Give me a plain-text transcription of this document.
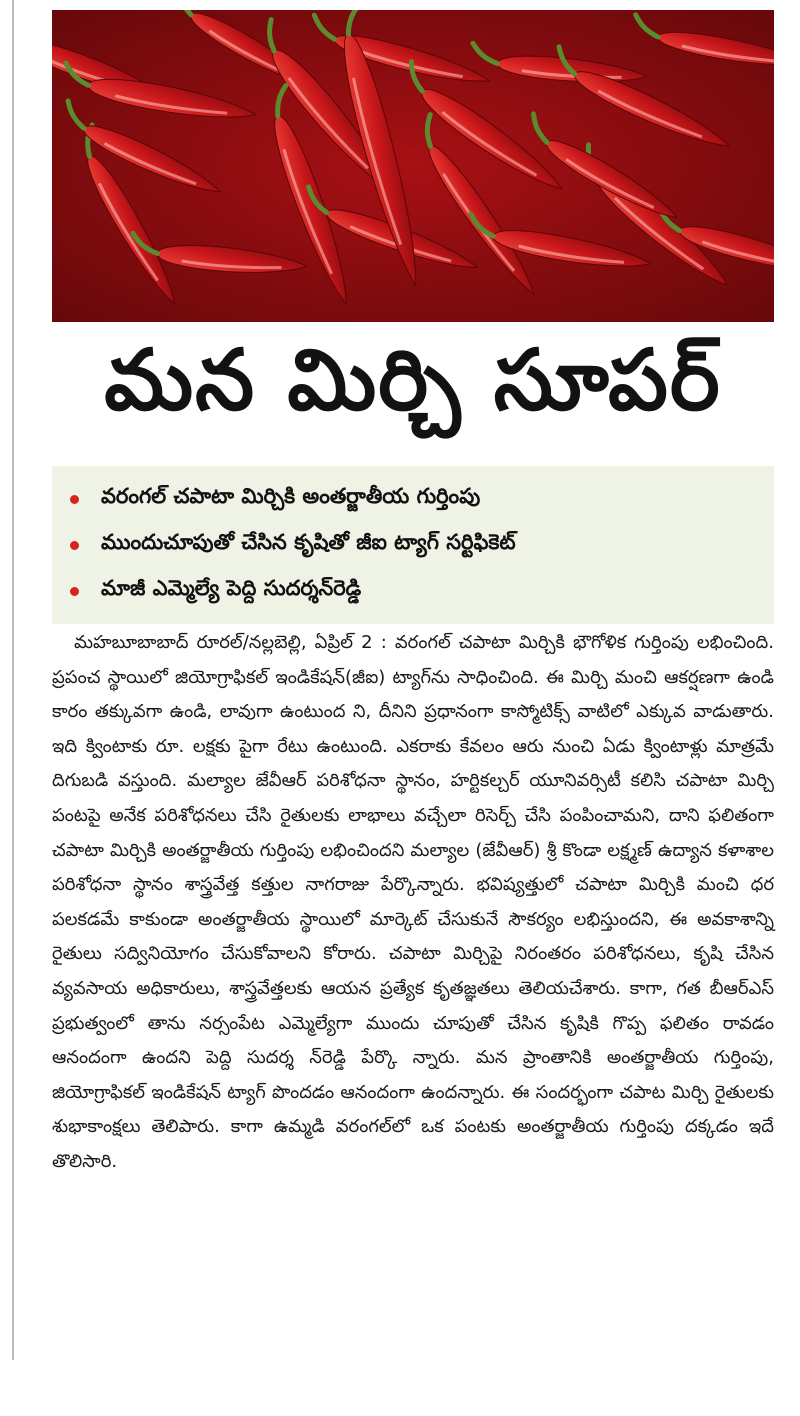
మన మిర్చి సూపర్
వరంగల్ చపాటా మిర్చికి అంతర్జాతీయ గుర్తింపు
ముందుచూపుతో చేసిన కృషితో జీఐ ట్యాగ్ సర్టిఫికెట్
మాజీ ఎమ్మెల్యే పెద్ది సుదర్శన్‌రెడ్డి

మహబూబాబాద్ రూరల్/నల్లబెల్లి, ఏప్రిల్ 2 : వరంగల్ చపాటా మిర్చికి భౌగోళిక గుర్తింపు లభించింది. ప్రపంచ స్థాయిలో జియోగ్రాఫికల్ ఇండికేషన్(జీఐ) ట్యాగ్‌ను సాధించింది. ఈ మిర్చి మంచి ఆకర్షణగా ఉండి కారం తక్కువగా ఉండి, లావుగా ఉంటుంద ని, దీనిని ప్రధానంగా కాస్మోటిక్స్ వాటిలో ఎక్కువ వాడుతారు. ఇది క్వింటాకు రూ. లక్షకు పైగా రేటు ఉంటుంది. ఎకరాకు కేవలం ఆరు నుంచి ఏడు క్వింటాళ్లు మాత్రమే దిగుబడి వస్తుంది. మల్యాల జేవీఆర్ పరిశోధనా స్థానం, హర్టికల్చర్ యూనివర్సిటీ కలిసి చపాటా మిర్చి పంటపై అనేక పరిశోధనలు చేసి రైతులకు లాభాలు వచ్చేలా రిసెర్చ్ చేసి పంపించామని, దాని ఫలితంగా చపాటా మిర్చికి అంతర్జాతీయ గుర్తింపు లభించిందని మల్యాల (జేవీఆర్) శ్రీ కొండా లక్ష్మణ్ ఉద్యాన కళాశాల పరిశోధనా స్థానం శాస్త్రవేత్త కత్తుల నాగరాజు పేర్కొన్నారు. భవిష్యత్తులో చపాటా మిర్చికి మంచి ధర పలకడమే కాకుండా అంతర్జాతీయ స్థాయిలో మార్కెట్ చేసుకునే సౌకర్యం లభిస్తుందని, ఈ అవకాశాన్ని రైతులు సద్వినియోగం చేసుకోవాలని కోరారు. చపాటా మిర్చిపై నిరంతరం పరిశోధనలు, కృషి చేసిన వ్యవసాయ అధికారులు, శాస్త్రవేత్తలకు ఆయన ప్రత్యేక కృతజ్ఞతలు తెలియచేశారు. కాగా, గత బీఆర్ఎస్ ప్రభుత్వంలో తాను నర్సంపేట ఎమ్మెల్యేగా ముందు చూపుతో చేసిన కృషికి గొప్ప ఫలితం రావడం ఆనందంగా ఉందని పెద్ది సుదర్శ న్‌రెడ్డి పేర్కొ న్నారు. మన ప్రాంతానికి అంతర్జాతీయ గుర్తింపు, జియోగ్రాఫికల్ ఇండికేషన్ ట్యాగ్ పొందడం ఆనందంగా ఉందన్నారు. ఈ సందర్భంగా చపాట మిర్చి రైతులకు శుభాకాంక్షలు తెలిపారు. కాగా ఉమ్మడి వరంగల్‌లో ఒక పంటకు అంతర్జాతీయ గుర్తింపు దక్కడం ఇదే తొలిసారి.
